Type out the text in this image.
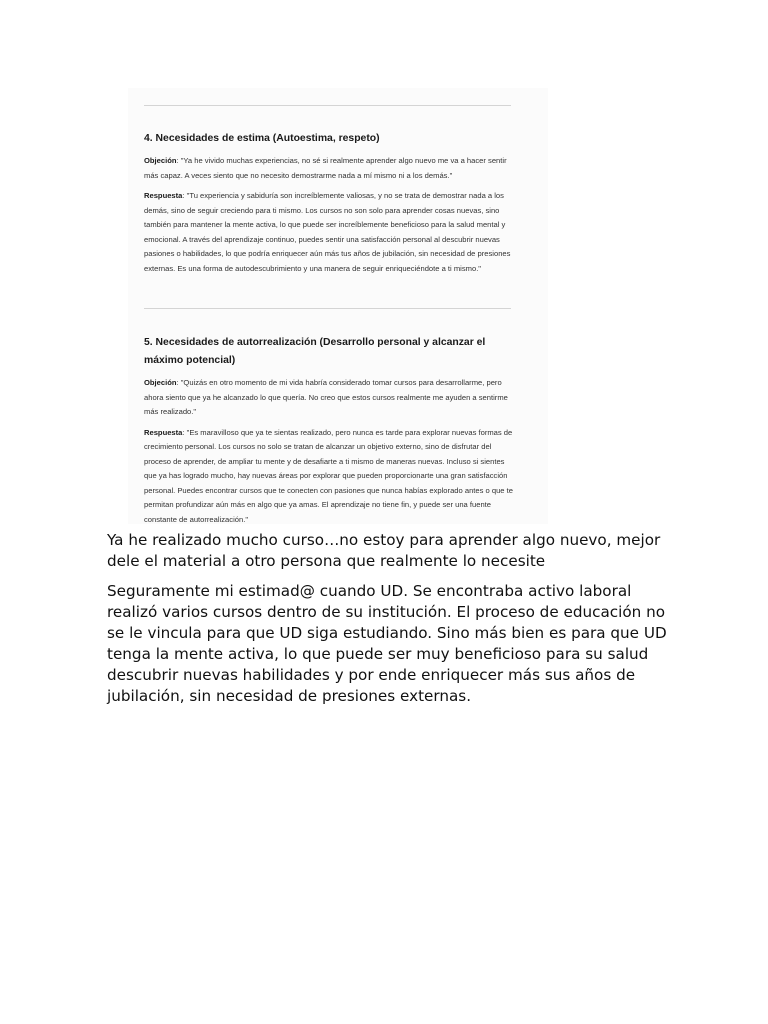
4. Necesidades de estima (Autoestima, respeto)

Objeción: "Ya he vivido muchas experiencias, no sé si realmente aprender algo nuevo me va a hacer sentir más capaz. A veces siento que no necesito demostrarme nada a mí mismo ni a los demás."

Respuesta: "Tu experiencia y sabiduría son increíblemente valiosas, y no se trata de demostrar nada a los demás, sino de seguir creciendo para ti mismo. Los cursos no son solo para aprender cosas nuevas, sino también para mantener la mente activa, lo que puede ser increíblemente beneficioso para la salud mental y emocional. A través del aprendizaje continuo, puedes sentir una satisfacción personal al descubrir nuevas pasiones o habilidades, lo que podría enriquecer aún más tus años de jubilación, sin necesidad de presiones externas. Es una forma de autodescubrimiento y una manera de seguir enriqueciéndote a ti mismo."

5. Necesidades de autorrealización (Desarrollo personal y alcanzar el máximo potencial)

Objeción: "Quizás en otro momento de mi vida habría considerado tomar cursos para desarrollarme, pero ahora siento que ya he alcanzado lo que quería. No creo que estos cursos realmente me ayuden a sentirme más realizado."

Respuesta: "Es maravilloso que ya te sientas realizado, pero nunca es tarde para explorar nuevas formas de crecimiento personal. Los cursos no solo se tratan de alcanzar un objetivo externo, sino de disfrutar del proceso de aprender, de ampliar tu mente y de desafiarte a ti mismo de maneras nuevas. Incluso si sientes que ya has logrado mucho, hay nuevas áreas por explorar que pueden proporcionarte una gran satisfacción personal. Puedes encontrar cursos que te conecten con pasiones que nunca habías explorado antes o que te permitan profundizar aún más en algo que ya amas. El aprendizaje no tiene fin, y puede ser una fuente constante de autorrealización."

Ya he realizado mucho curso…no estoy para aprender algo nuevo, mejor dele el material a otro persona que realmente lo necesite

Seguramente mi estimad@ cuando UD. Se encontraba activo laboral realizó varios cursos dentro de su institución. El proceso de educación no se le vincula para que UD siga estudiando. Sino más bien es para que UD tenga la mente activa, lo que puede ser muy beneficioso para su salud descubrir nuevas habilidades y por ende enriquecer más sus años de jubilación, sin necesidad de presiones externas.
